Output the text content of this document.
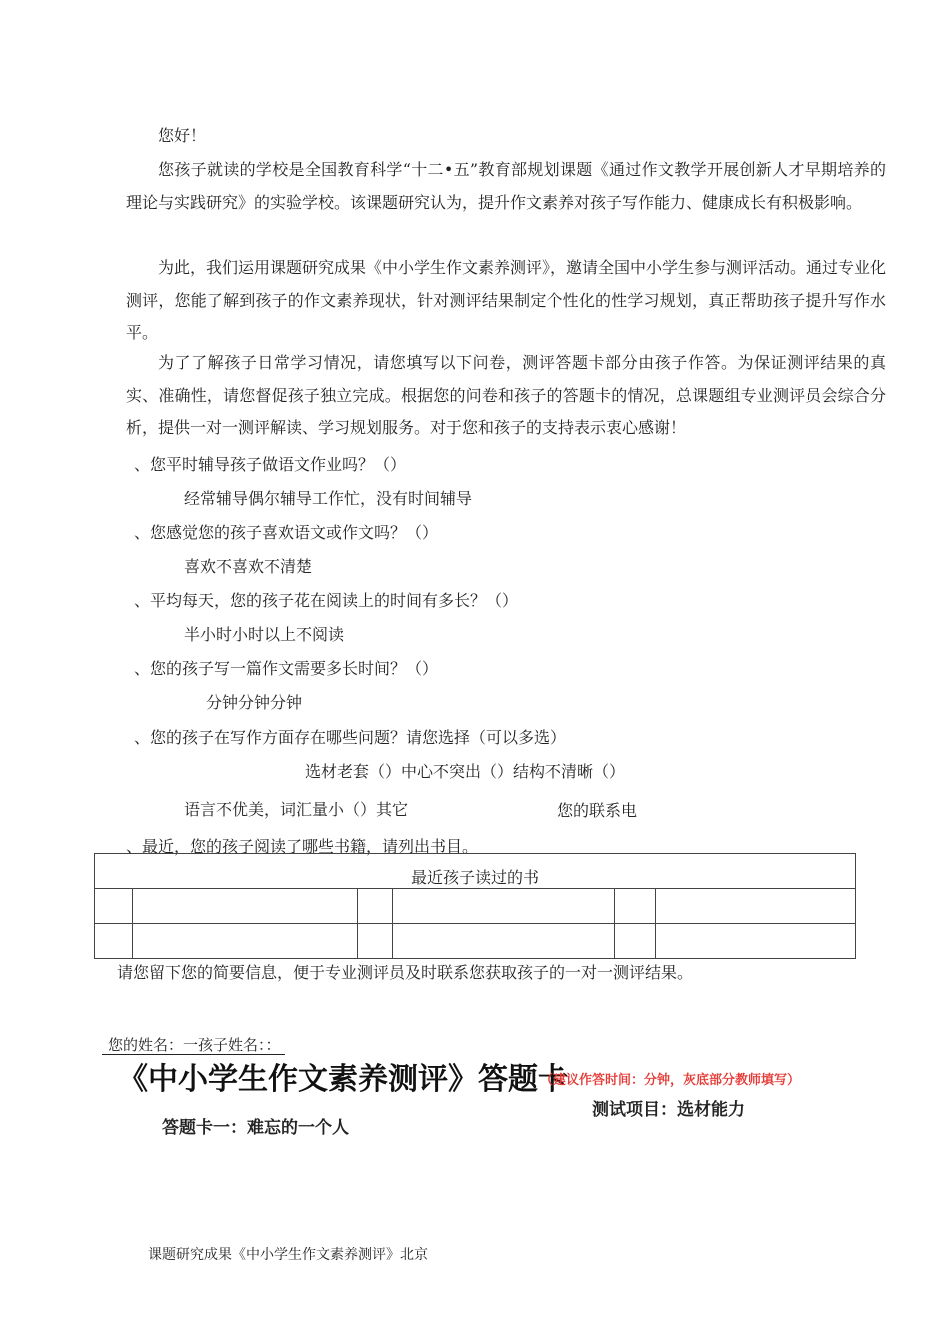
您好！
您孩子就读的学校是全国教育科学“十二•五”教育部规划课题《通过作文教学开展创新人才早期培养的理论与实践研究》的实验学校。该课题研究认为，提升作文素养对孩子写作能力、健康成长有积极影响。
为此，我们运用课题研究成果《中小学生作文素养测评》，邀请全国中小学生参与测评活动。通过专业化测评，您能了解到孩子的作文素养现状，针对测评结果制定个性化的性学习规划，真正帮助孩子提升写作水平。
为了了解孩子日常学习情况，请您填写以下问卷，测评答题卡部分由孩子作答。为保证测评结果的真实、准确性，请您督促孩子独立完成。根据您的问卷和孩子的答题卡的情况，总课题组专业测评员会综合分析，提供一对一测评解读、学习规划服务。对于您和孩子的支持表示衷心感谢！
、您平时辅导孩子做语文作业吗？（）
经常辅导偶尔辅导工作忙，没有时间辅导
、您感觉您的孩子喜欢语文或作文吗？（）
喜欢不喜欢不清楚
、平均每天，您的孩子花在阅读上的时间有多长？（）
半小时小时以上不阅读
、您的孩子写一篇作文需要多长时间？（）
分钟分钟分钟
、您的孩子在写作方面存在哪些问题？请您选择（可以多选）
选材老套（）中心不突出（）结构不清晰（）
语言不优美，词汇量小（）其它	您的联系电
、最近，您的孩子阅读了哪些书籍，请列出书目。
最近孩子读过的书					

请您留下您的简要信息，便于专业测评员及时联系您获取孩子的一对一测评结果。
您的姓名：一孩子姓名：：
《中小学生作文素养测评》答题卡
（建议作答时间：分钟，灰底部分教师填写）
测试项目：选材能力
答题卡一：难忘的一个人
课题研究成果《中小学生作文素养测评》北京
